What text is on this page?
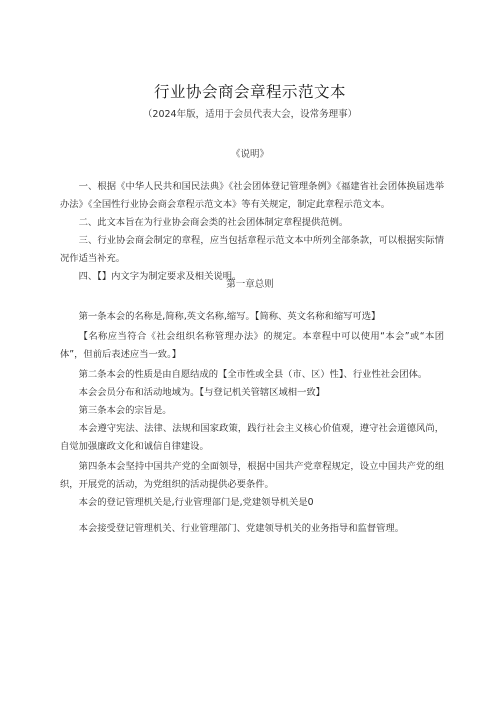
行业协会商会章程示范文本
（2024年版，适用于会员代表大会，设常务理事）
《说明》

一、根据《中华人民共和国民法典》《社会团体登记管理条例》《福建省社会团体换届选举办法》《全国性行业协会商会章程示范文本》等有关规定，制定此章程示范文本。

二、此文本旨在为行业协会商会类的社会团体制定章程提供范例。

三、行业协会商会制定的章程，应当包括章程示范文本中所列全部条款，可以根据实际情况作适当补充。

四、【】内文字为制定要求及相关说明。

第一章总则

第一条本会的名称是,简称,英文名称,缩写。【简称、英文名称和缩写可选】

【名称应当符合《社会组织名称管理办法》的规定。本章程中可以使用“本会”或“本团体”，但前后表述应当一致。】

第二条本会的性质是由自愿结成的【全市性或全县（市、区）性】、行业性社会团体。

本会会员分布和活动地域为。【与登记机关管辖区域相一致】

第三条本会的宗旨是。

本会遵守宪法、法律、法规和国家政策，践行社会主义核心价值观，遵守社会道德风尚，自觉加强廉政文化和诚信自律建设。

第四条本会坚持中国共产党的全面领导，根据中国共产党章程规定，设立中国共产党的组织，开展党的活动，为党组织的活动提供必要条件。

本会的登记管理机关是,行业管理部门是,党建领导机关是0

本会接受登记管理机关、行业管理部门、党建领导机关的业务指导和监督管理。
